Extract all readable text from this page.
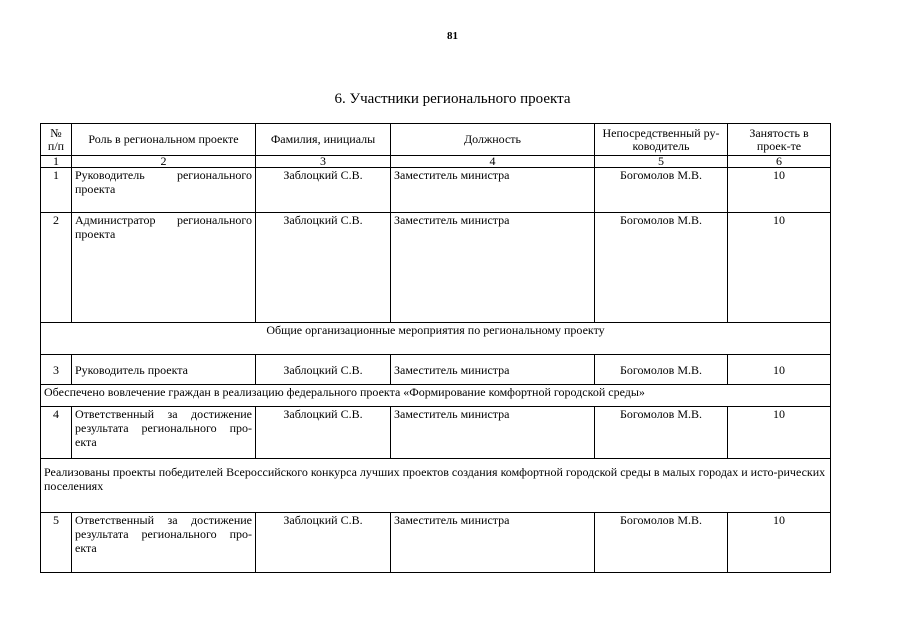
81
6. Участники регионального проекта
№ п/п	Роль в региональном проекте	Фамилия, инициалы	Должность	Непосредственный ру-ководитель	Занятость в проек-те
1	2	3	4	5	6
1	Руководитель регионального проекта	Заблоцкий С.В.	Заместитель министра	Богомолов М.В.	10
2	Администратор регионального проекта	Заблоцкий С.В.	Заместитель министра	Богомолов М.В.	10
Общие организационные мероприятия по региональному проекту					
3	Руководитель проекта	Заблоцкий С.В.	Заместитель министра	Богомолов М.В.	10
Обеспечено вовлечение граждан в реализацию федерального проекта «Формирование комфортной городской среды»					
4	Ответственный за достижение результата регионального про-екта	Заблоцкий С.В.	Заместитель министра	Богомолов М.В.	10
Реализованы проекты победителей Всероссийского конкурса лучших проектов создания комфортной городской среды в малых городах и исто-рических поселениях					
5	Ответственный за достижение результата регионального про-екта	Заблоцкий С.В.	Заместитель министра	Богомолов М.В.	10
